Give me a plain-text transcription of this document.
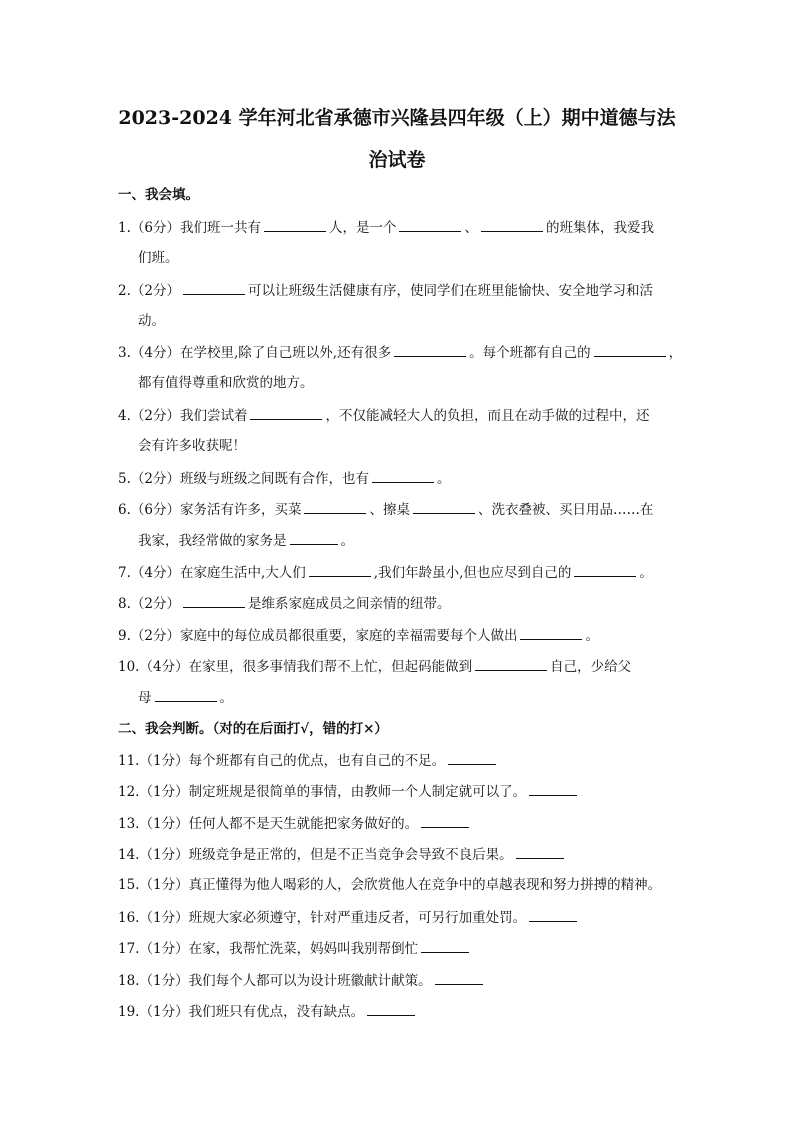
2023-2024 学年河北省承德市兴隆县四年级（上）期中道德与法
治试卷
一、我会填。
1.（6分）我们班一共有	人，是一个	、	的班集体，我爱我
们班。
2.（2分）	可以让班级生活健康有序，使同学们在班里能愉快、安全地学习和活
动。
3.（4分）在学校里,除了自己班以外,还有很多	。每个班都有自己的	，
都有值得尊重和欣赏的地方。
4.（2分）我们尝试着	，不仅能减轻大人的负担，而且在动手做的过程中，还
会有许多收获呢！
5.（2分）班级与班级之间既有合作，也有	。
6.（6分）家务活有许多，买菜	、擦桌	、洗衣叠被、买日用品……在
我家，我经常做的家务是	。
7.（4分）在家庭生活中,大人们	,我们年龄虽小,但也应尽到自己的	。
8.（2分）	是维系家庭成员之间亲情的纽带。
9.（2分）家庭中的每位成员都很重要，家庭的幸福需要每个人做出	。
10.（4分）在家里，很多事情我们帮不上忙，但起码能做到	自己，少给父
母	。
二、我会判断。（对的在后面打√，错的打×）
11.（1分）每个班都有自己的优点，也有自己的不足。
12.（1分）制定班规是很简单的事情，由教师一个人制定就可以了。
13.（1分）任何人都不是天生就能把家务做好的。
14.（1分）班级竞争是正常的，但是不正当竞争会导致不良后果。
15.（1分）真正懂得为他人喝彩的人，会欣赏他人在竞争中的卓越表现和努力拼搏的精神。
16.（1分）班规大家必须遵守，针对严重违反者，可另行加重处罚。
17.（1分）在家，我帮忙洗菜，妈妈叫我别帮倒忙
18.（1分）我们每个人都可以为设计班徽献计献策。
19.（1分）我们班只有优点，没有缺点。
